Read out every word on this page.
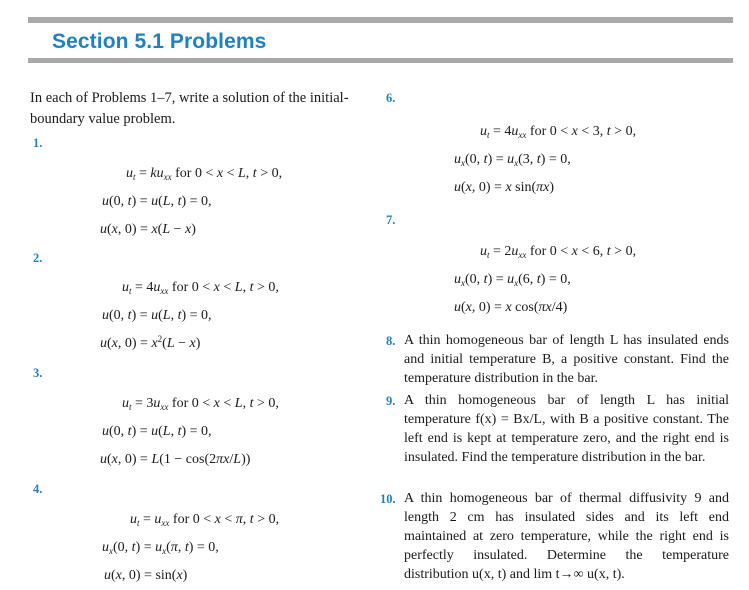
Section 5.1 Problems
In each of Problems 1–7, write a solution of the initial-boundary value problem.
1.
$u_t = ku_{xx}$ for 0 < x < L, t > 0,
u(0, t) = u(L, t) = 0,
u(x, 0) = x(L − x)
2.
$u_t = 4u_{xx}$ for 0 < x < L, t > 0,
u(0, t) = u(L, t) = 0,
u(x, $0) = x^2(L - x)$
3.
$u_t = 3u_{xx}$ for 0 < x < L, t > 0,
u(0, t) = u(L, t) = 0,
u(x, 0) = L(1 − cos(2πx/L))
4.
$u_t = u_{xx}$ for 0 < x < π, t > 0,
$u_x(0$, $t) = u_x(\pi$, t) = 0,
u(x, 0) = sin(x)
6.
$u_t = 4u_{xx}$ for 0 < x < 3, t > 0,
$u_x(0$, $t) = u_x(3$, t) = 0,
u(x, 0) = x sin(πx)
7.
$u_t = 2u_{xx}$ for 0 < x < 6, t > 0,
$u_x(0$, $t) = u_x(6$, t) = 0,
u(x, 0) = x cos(πx/4)
8. A thin homogeneous bar of length L has insulated ends and initial temperature B, a positive constant. Find the temperature distribution in the bar.
9. A thin homogeneous bar of length L has initial temperature f(x) = Bx/L, with B a positive constant. The left end is kept at temperature zero, and the right end is insulated. Find the temperature distribution in the bar.
10. A thin homogeneous bar of thermal diffusivity 9 and length 2 cm has insulated sides and its left end maintained at zero temperature, while the right end is perfectly insulated. Determine the temperature distribution u(x, t) and lim t→∞ u(x, t).
